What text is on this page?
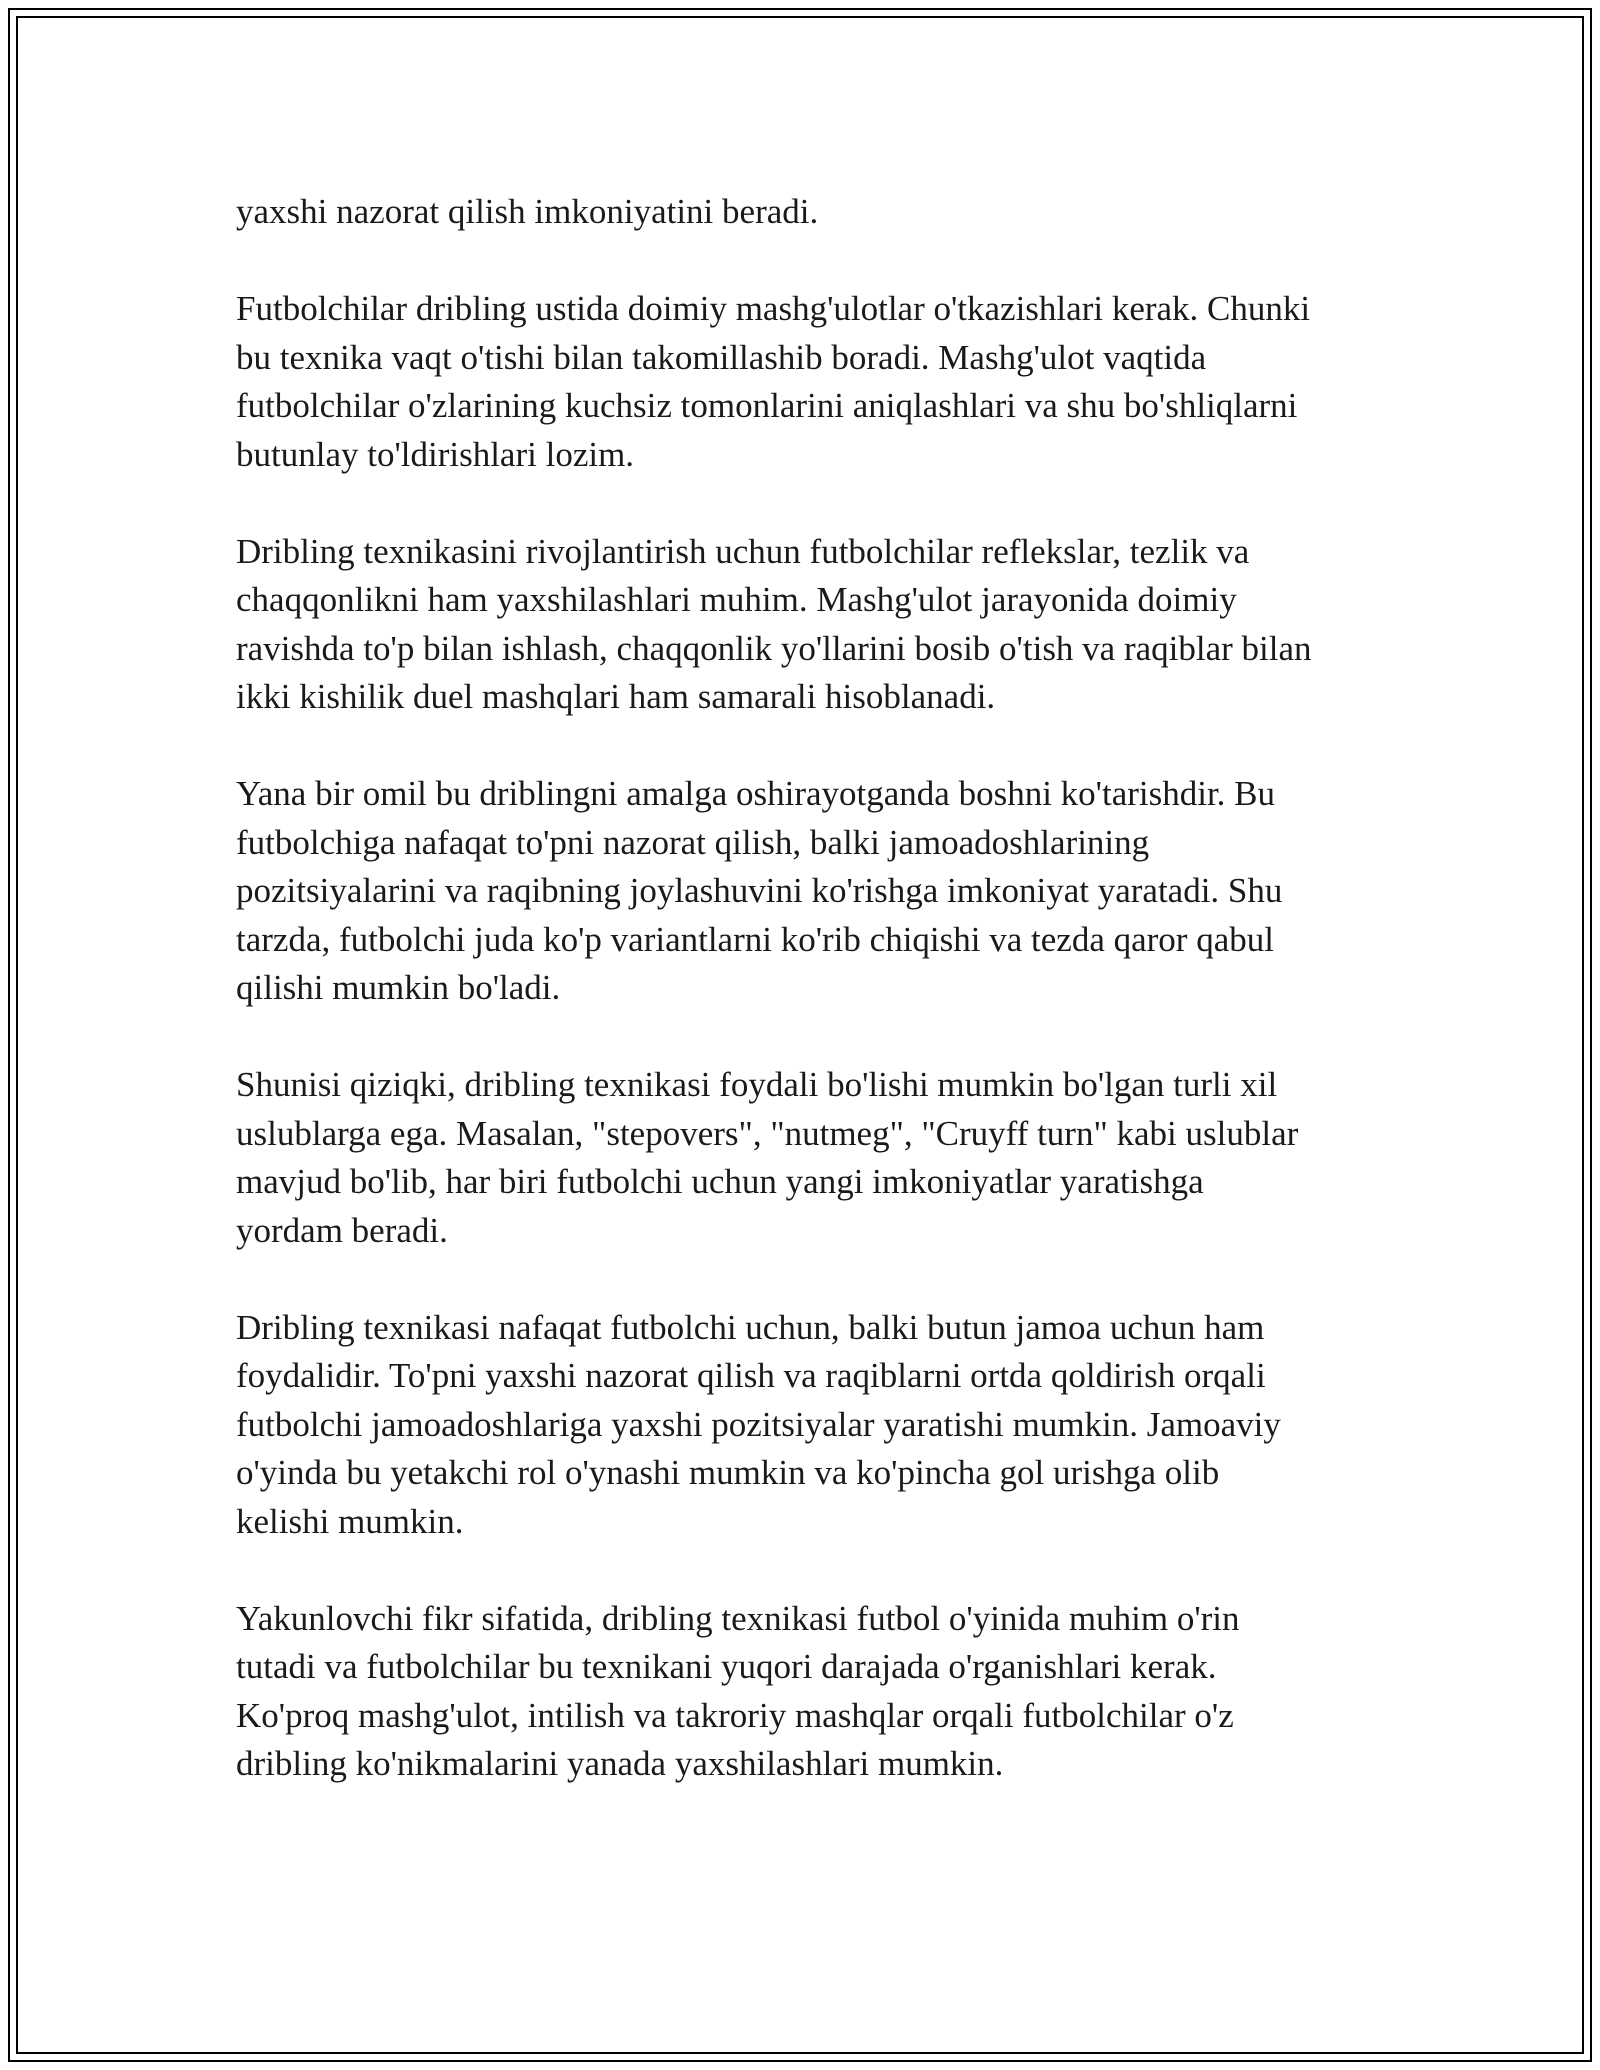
yaxshi nazorat qilish imkoniyatini beradi.

Futbolchilar dribling ustida doimiy mashg'ulotlar o'tkazishlari kerak. Chunki
bu texnika vaqt o'tishi bilan takomillashib boradi. Mashg'ulot vaqtida
futbolchilar o'zlarining kuchsiz tomonlarini aniqlashlari va shu bo'shliqlarni
butunlay to'ldirishlari lozim.

Dribling texnikasini rivojlantirish uchun futbolchilar reflekslar, tezlik va
chaqqonlikni ham yaxshilashlari muhim. Mashg'ulot jarayonida doimiy
ravishda to'p bilan ishlash, chaqqonlik yo'llarini bosib o'tish va raqiblar bilan
ikki kishilik duel mashqlari ham samarali hisoblanadi.

Yana bir omil bu driblingni amalga oshirayotganda boshni ko'tarishdir. Bu
futbolchiga nafaqat to'pni nazorat qilish, balki jamoadoshlarining
pozitsiyalarini va raqibning joylashuvini ko'rishga imkoniyat yaratadi. Shu
tarzda, futbolchi juda ko'p variantlarni ko'rib chiqishi va tezda qaror qabul
qilishi mumkin bo'ladi.

Shunisi qiziqki, dribling texnikasi foydali bo'lishi mumkin bo'lgan turli xil
uslublarga ega. Masalan, "stepovers", "nutmeg", "Cruyff turn" kabi uslublar
mavjud bo'lib, har biri futbolchi uchun yangi imkoniyatlar yaratishga
yordam beradi.

Dribling texnikasi nafaqat futbolchi uchun, balki butun jamoa uchun ham
foydalidir. To'pni yaxshi nazorat qilish va raqiblarni ortda qoldirish orqali
futbolchi jamoadoshlariga yaxshi pozitsiyalar yaratishi mumkin. Jamoaviy
o'yinda bu yetakchi rol o'ynashi mumkin va ko'pincha gol urishga olib
kelishi mumkin.

Yakunlovchi fikr sifatida, dribling texnikasi futbol o'yinida muhim o'rin
tutadi va futbolchilar bu texnikani yuqori darajada o'rganishlari kerak.
Ko'proq mashg'ulot, intilish va takroriy mashqlar orqali futbolchilar o'z
dribling ko'nikmalarini yanada yaxshilashlari mumkin.
